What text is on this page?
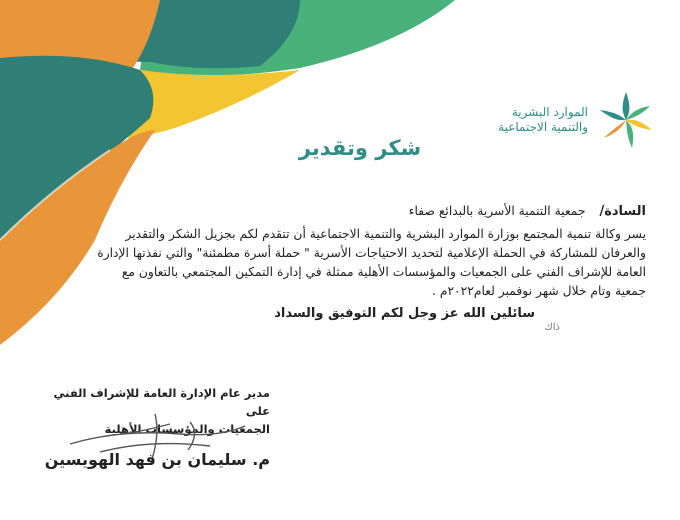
الموارد البشرية
والتنمية الاجتماعية
شكر وتقدير
السادة/ جمعية التنمية الأسرية بالبدائع صفاء
يسر وكالة تنمية المجتمع بوزارة الموارد البشرية والتنمية الاجتماعية أن تتقدم لكم بجزيل الشكر والتقدير
والعرفان للمشاركة في الحملة الإعلامية لتحديد الاحتياجات الأسرية " حملة أسرة مطمئنة" والتي نفذتها الإدارة
العامة للإشراف الفني على الجمعيات والمؤسسات الأهلية ممثلة في إدارة التمكين المجتمعي بالتعاون مع
جمعية وتام خلال شهر نوفمبر لعام٢٠٢٢م .
سائلين الله عز وجل لكم التوفيق والسداد
ذاك
مدير عام الإدارة العامة للإشراف الفني على
الجمعيات والمؤسسات الأهلية
م. سليمان بن فهد الهويسين
